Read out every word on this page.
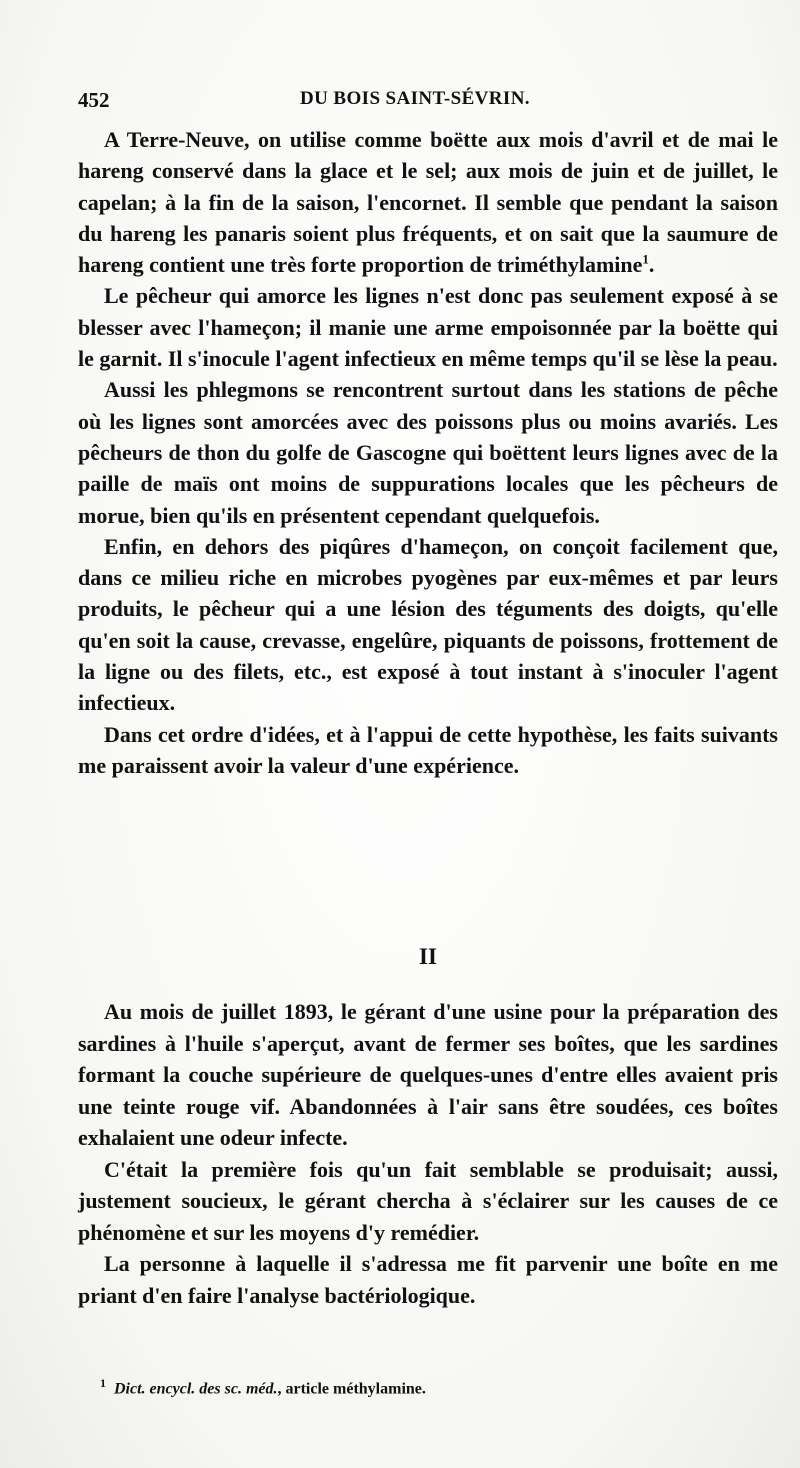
452	DU BOIS SAINT-SÉVRIN.

A Terre-Neuve, on utilise comme boëtte aux mois d'avril et de mai le hareng conservé dans la glace et le sel; aux mois de juin et de juillet, le capelan; à la fin de la saison, l'encornet. Il semble que pendant la saison du hareng les panaris soient plus fréquents, et on sait que la saumure de hareng contient une très forte proportion de triméthylamine$^1$.

Le pêcheur qui amorce les lignes n'est donc pas seulement exposé à se blesser avec l'hameçon; il manie une arme empoisonnée par la boëtte qui le garnit. Il s'inocule l'agent infectieux en même temps qu'il se lèse la peau.

Aussi les phlegmons se rencontrent surtout dans les stations de pêche où les lignes sont amorcées avec des poissons plus ou moins avariés. Les pêcheurs de thon du golfe de Gascogne qui boëttent leurs lignes avec de la paille de maïs ont moins de suppurations locales que les pêcheurs de morue, bien qu'ils en présentent cependant quelquefois.

Enfin, en dehors des piqûres d'hameçon, on conçoit facilement que, dans ce milieu riche en microbes pyogènes par eux-mêmes et par leurs produits, le pêcheur qui a une lésion des téguments des doigts, qu'elle qu'en soit la cause, crevasse, engelûre, piquants de poissons, frottement de la ligne ou des filets, etc., est exposé à tout instant à s'inoculer l'agent infectieux.

Dans cet ordre d'idées, et à l'appui de cette hypothèse, les faits suivants me paraissent avoir la valeur d'une expérience.

II

Au mois de juillet 1893, le gérant d'une usine pour la préparation des sardines à l'huile s'aperçut, avant de fermer ses boîtes, que les sardines formant la couche supérieure de quelques-unes d'entre elles avaient pris une teinte rouge vif. Abandonnées à l'air sans être soudées, ces boîtes exhalaient une odeur infecte.

C'était la première fois qu'un fait semblable se produisait; aussi, justement soucieux, le gérant chercha à s'éclairer sur les causes de ce phénomène et sur les moyens d'y remédier.

La personne à laquelle il s'adressa me fit parvenir une boîte en me priant d'en faire l'analyse bactériologique.

$^1$ Dict. encycl. des sc. méd., article méthylamine.
